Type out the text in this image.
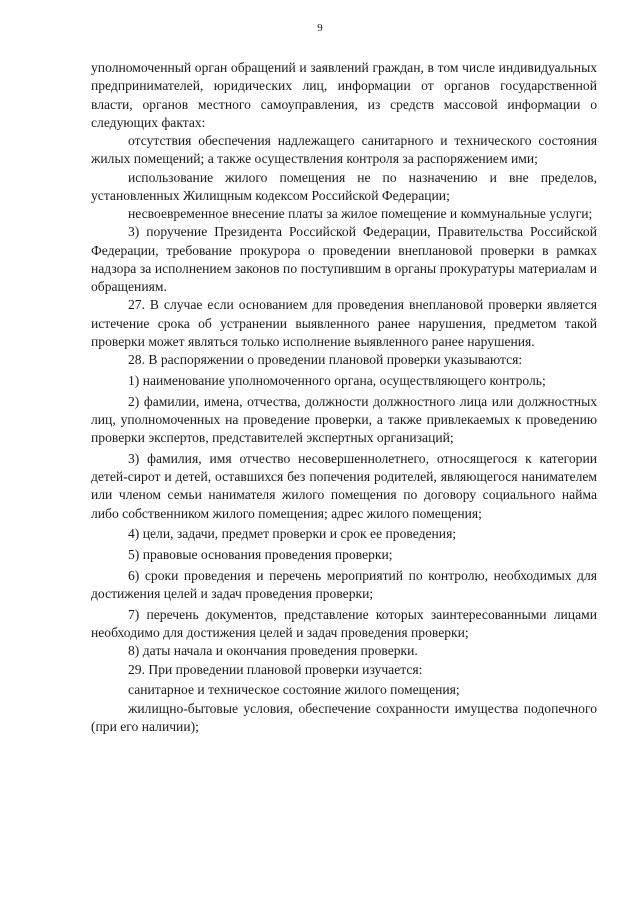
9

уполномоченный орган обращений и заявлений граждан, в том числе индивидуальных предпринимателей, юридических лиц, информации от органов государственной власти, органов местного самоуправления, из средств массовой информации о следующих фактах:

отсутствия обеспечения надлежащего санитарного и технического состояния жилых помещений; а также осуществления контроля за распоряжением ими;

использование жилого помещения не по назначению и вне пределов, установленных Жилищным кодексом Российской Федерации;

несвоевременное внесение платы за жилое помещение и коммунальные услуги;

3) поручение Президента Российской Федерации, Правительства Российской Федерации, требование прокурора о проведении внеплановой проверки в рамках надзора за исполнением законов по поступившим в органы прокуратуры материалам и обращениям.

27. В случае если основанием для проведения внеплановой проверки является истечение срока об устранении выявленного ранее нарушения, предметом такой проверки может являться только исполнение выявленного ранее нарушения.

28. В распоряжении о проведении плановой проверки указываются:

1) наименование уполномоченного органа, осуществляющего контроль;

2) фамилии, имена, отчества, должности должностного лица или должностных лиц, уполномоченных на проведение проверки, а также привлекаемых к проведению проверки экспертов, представителей экспертных организаций;

3) фамилия, имя отчество несовершеннолетнего, относящегося к категории детей-сирот и детей, оставшихся без попечения родителей, являющегося нанимателем или членом семьи нанимателя жилого помещения по договору социального найма либо собственником жилого помещения; адрес жилого помещения;

4) цели, задачи, предмет проверки и срок ее проведения;

5) правовые основания проведения проверки;

6) сроки проведения и перечень мероприятий по контролю, необходимых для достижения целей и задач проведения проверки;

7) перечень документов, представление которых заинтересованными лицами необходимо для достижения целей и задач проведения проверки;

8) даты начала и окончания проведения проверки.

29. При проведении плановой проверки изучается:

санитарное и техническое состояние жилого помещения;

жилищно-бытовые условия, обеспечение сохранности имущества подопечного (при его наличии);
